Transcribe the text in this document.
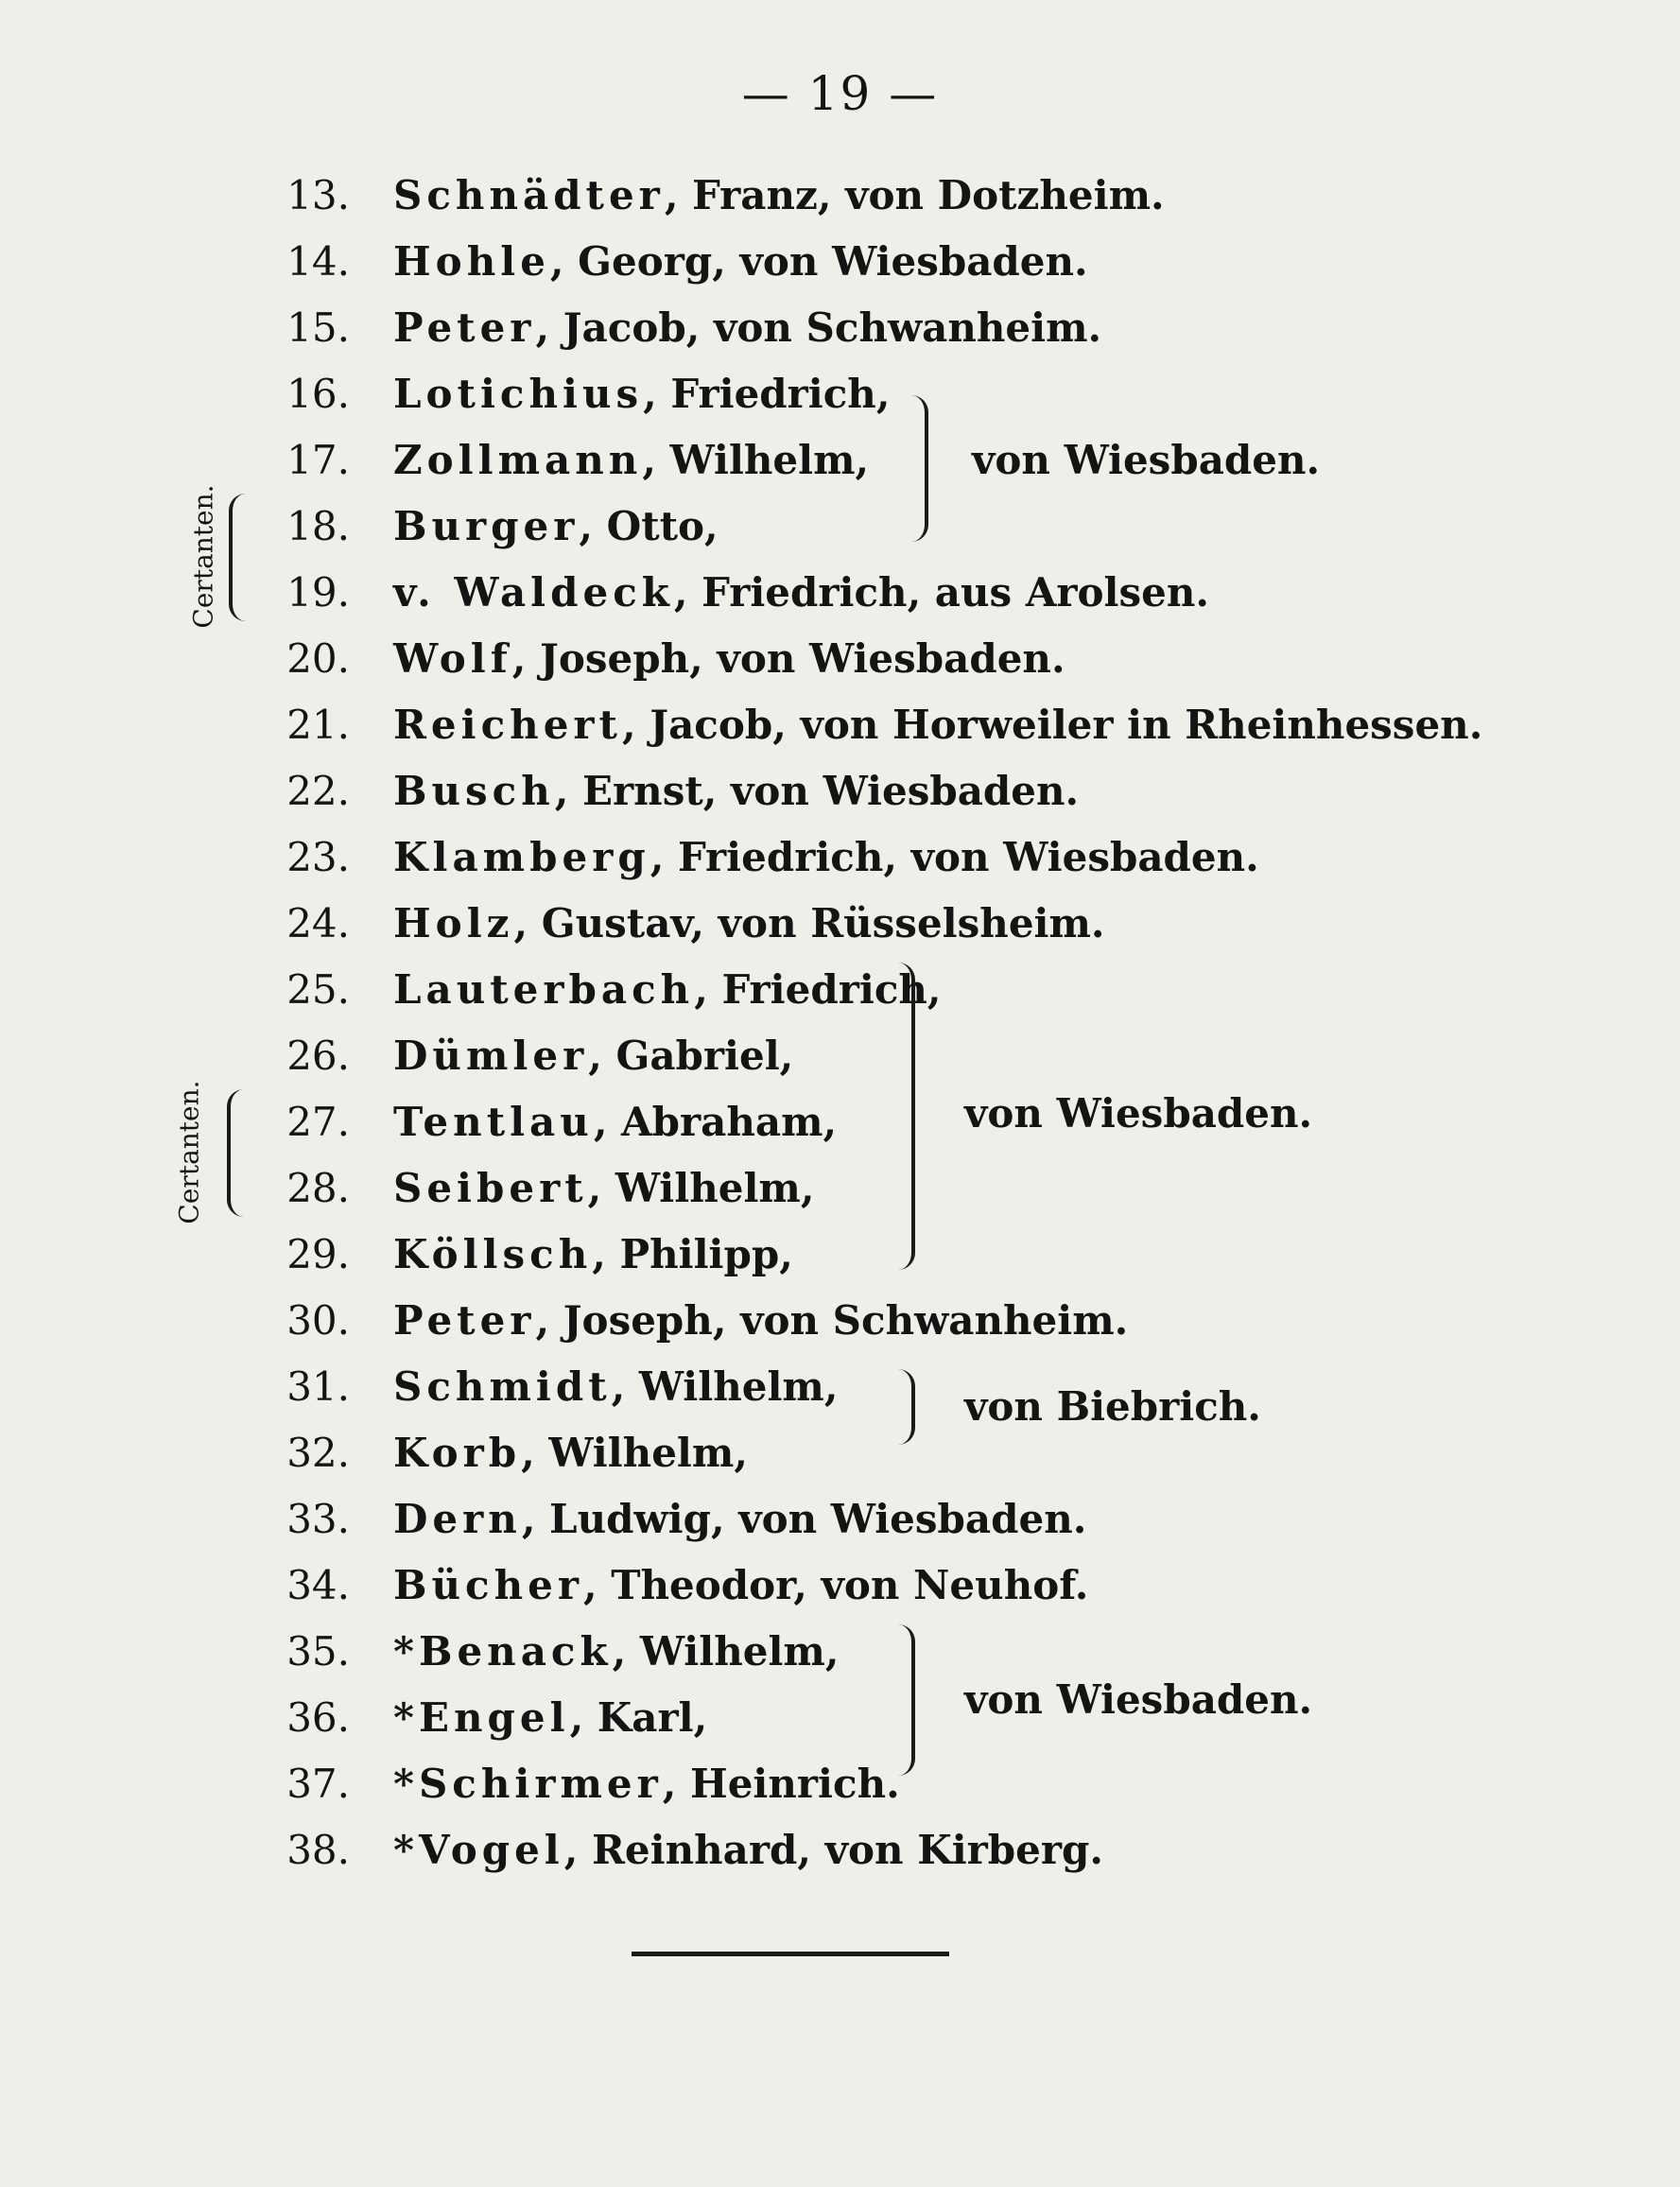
— 19 —
13. Schnädter, Franz, von Dotzheim.
14. Hohle, Georg, von Wiesbaden.
15. Peter, Jacob, von Schwanheim.
16. Lotichius, Friedrich,
17. Zollmann, Wilhelm,
18. Burger, Otto,
19. v. Waldeck, Friedrich, aus Arolsen.
20. Wolf, Joseph, von Wiesbaden.
21. Reichert, Jacob, von Horweiler in Rheinhessen.
22. Busch, Ernst, von Wiesbaden.
23. Klamberg, Friedrich, von Wiesbaden.
24. Holz, Gustav, von Rüsselsheim.
25. Lauterbach, Friedrich,
26. Dümler, Gabriel,
27. Tentlau, Abraham,
28. Seibert, Wilhelm,
29. Köllsch, Philipp,
30. Peter, Joseph, von Schwanheim.
31. Schmidt, Wilhelm,
32. Korb, Wilhelm,
33. Dern, Ludwig, von Wiesbaden.
34. Bücher, Theodor, von Neuhof.
35. *Benack, Wilhelm,
36. *Engel, Karl,
37. *Schirmer, Heinrich.
38. *Vogel, Reinhard, von Kirberg.
von Wiesbaden.
Certanten.
von Wiesbaden.
Certanten.
von Biebrich.
von Wiesbaden.
